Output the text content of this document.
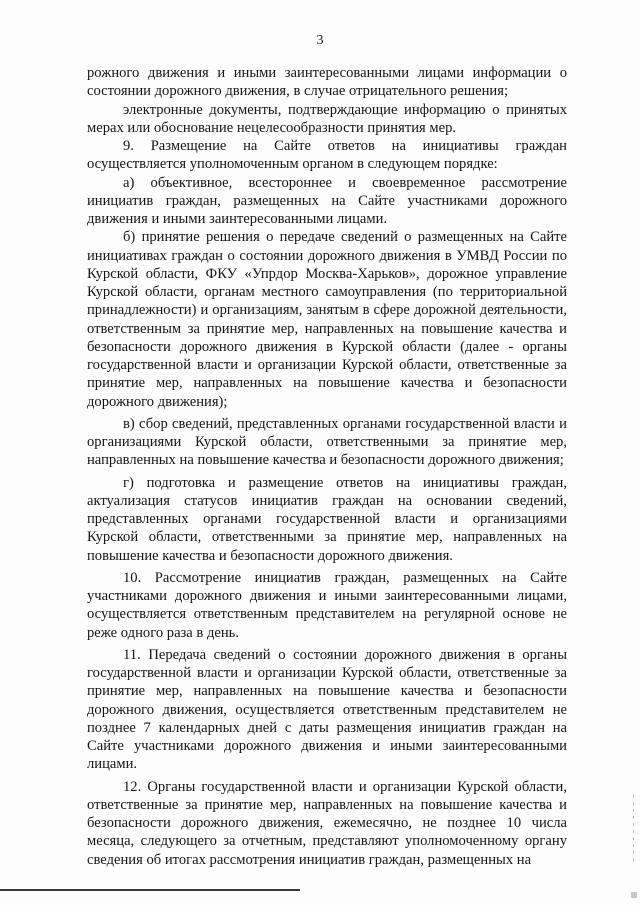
3

рожного движения и иными заинтересованными лицами информации о состоянии дорожного движения, в случае отрицательного решения;

электронные документы, подтверждающие информацию о принятых мерах или обоснование нецелесообразности принятия мер.

9. Размещение на Сайте ответов на инициативы граждан осуществляется уполномоченным органом в следующем порядке:

а) объективное, всестороннее и своевременное рассмотрение инициатив граждан, размещенных на Сайте участниками дорожного движения и иными заинтересованными лицами.

б) принятие решения о передаче сведений о размещенных на Сайте инициативах граждан о состоянии дорожного движения в УМВД России по Курской области, ФКУ «Упрдор Москва-Харьков», дорожное управление Курской области, органам местного самоуправления (по территориальной принадлежности) и организациям, занятым в сфере дорожной деятельности, ответственным за принятие мер, направленных на повышение качества и безопасности дорожного движения в Курской области (далее - органы государственной власти и организации Курской области, ответственные за принятие мер, направленных на повышение качества и безопасности дорожного движения);

в) сбор сведений, представленных органами государственной власти и организациями Курской области, ответственными за принятие мер, направленных на повышение качества и безопасности дорожного движения;

г) подготовка и размещение ответов на инициативы граждан, актуализация статусов инициатив граждан на основании сведений, представленных органами государственной власти и организациями Курской области, ответственными за принятие мер, направленных на повышение качества и безопасности дорожного движения.

10. Рассмотрение инициатив граждан, размещенных на Сайте участниками дорожного движения и иными заинтересованными лицами, осуществляется ответственным представителем на регулярной основе не реже одного раза в день.

11. Передача сведений о состоянии дорожного движения в органы государственной власти и организации Курской области, ответственные за принятие мер, направленных на повышение качества и безопасности дорожного движения, осуществляется ответственным представителем не позднее 7 календарных дней с даты размещения инициатив граждан на Сайте участниками дорожного движения и иными заинтересованными лицами.

12. Органы государственной власти и организации Курской области, ответственные за принятие мер, направленных на повышение качества и безопасности дорожного движения, ежемесячно, не позднее 10 числа месяца, следующего за отчетным, представляют уполномоченному органу сведения об итогах рассмотрения инициатив граждан, размещенных на
